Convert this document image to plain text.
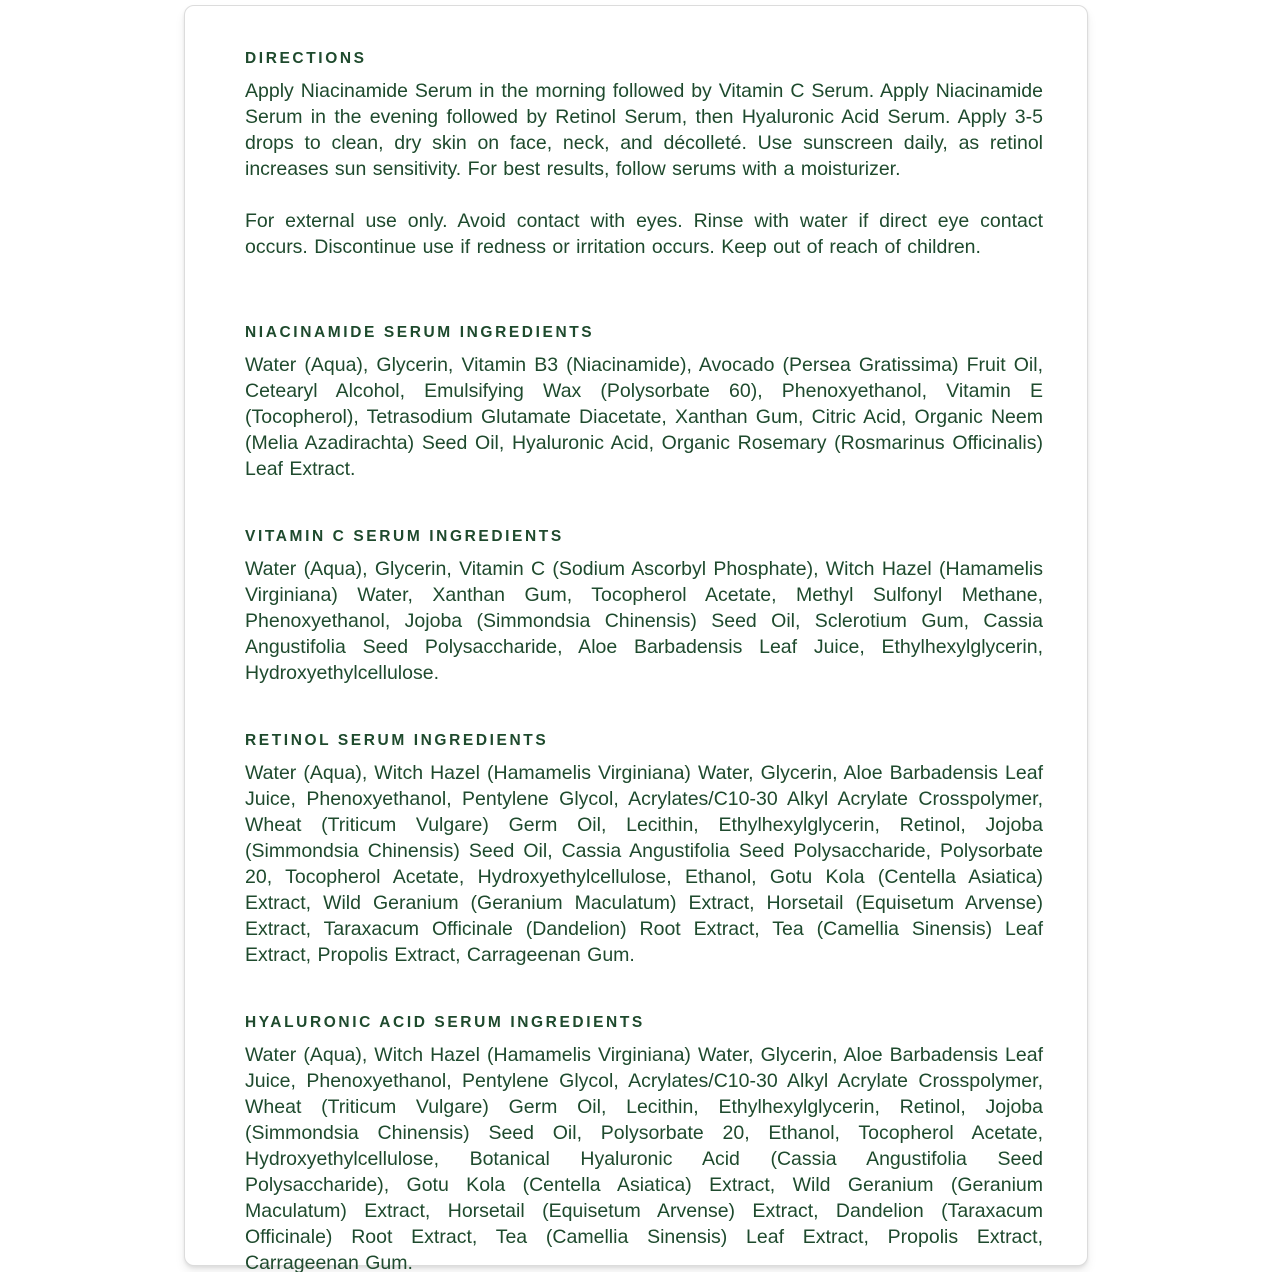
DIRECTIONS

Apply Niacinamide Serum in the morning followed by Vitamin C Serum. Apply Niacinamide Serum in the evening followed by Retinol Serum, then Hyaluronic Acid Serum. Apply 3-5 drops to clean, dry skin on face, neck, and décolleté. Use sunscreen daily, as retinol increases sun sensitivity. For best results, follow serums with a moisturizer.

For external use only. Avoid contact with eyes. Rinse with water if direct eye contact occurs. Discontinue use if redness or irritation occurs. Keep out of reach of children.

NIACINAMIDE SERUM INGREDIENTS

Water (Aqua), Glycerin, Vitamin B3 (Niacinamide), Avocado (Persea Gratissima) Fruit Oil, Cetearyl Alcohol, Emulsifying Wax (Polysorbate 60), Phenoxyethanol, Vitamin E (Tocopherol), Tetrasodium Glutamate Diacetate, Xanthan Gum, Citric Acid, Organic Neem (Melia Azadirachta) Seed Oil, Hyaluronic Acid, Organic Rosemary (Rosmarinus Officinalis) Leaf Extract.

VITAMIN C SERUM INGREDIENTS

Water (Aqua), Glycerin, Vitamin C (Sodium Ascorbyl Phosphate), Witch Hazel (Hamamelis Virginiana) Water, Xanthan Gum, Tocopherol Acetate, Methyl Sulfonyl Methane, Phenoxyethanol, Jojoba (Simmondsia Chinensis) Seed Oil, Sclerotium Gum, Cassia Angustifolia Seed Polysaccharide, Aloe Barbadensis Leaf Juice, Ethylhexylglycerin, Hydroxyethylcellulose.

RETINOL SERUM INGREDIENTS

Water (Aqua), Witch Hazel (Hamamelis Virginiana) Water, Glycerin, Aloe Barbadensis Leaf Juice, Phenoxyethanol, Pentylene Glycol, Acrylates/C10-30 Alkyl Acrylate Crosspolymer, Wheat (Triticum Vulgare) Germ Oil, Lecithin, Ethylhexylglycerin, Retinol, Jojoba (Simmondsia Chinensis) Seed Oil, Cassia Angustifolia Seed Polysaccharide, Polysorbate 20, Tocopherol Acetate, Hydroxyethylcellulose, Ethanol, Gotu Kola (Centella Asiatica) Extract, Wild Geranium (Geranium Maculatum) Extract, Horsetail (Equisetum Arvense) Extract, Taraxacum Officinale (Dandelion) Root Extract, Tea (Camellia Sinensis) Leaf Extract, Propolis Extract, Carrageenan Gum.

HYALURONIC ACID SERUM INGREDIENTS

Water (Aqua), Witch Hazel (Hamamelis Virginiana) Water, Glycerin, Aloe Barbadensis Leaf Juice, Phenoxyethanol, Pentylene Glycol, Acrylates/C10-30 Alkyl Acrylate Crosspolymer, Wheat (Triticum Vulgare) Germ Oil, Lecithin, Ethylhexylglycerin, Retinol, Jojoba (Simmondsia Chinensis) Seed Oil, Polysorbate 20, Ethanol, Tocopherol Acetate, Hydroxyethylcellulose, Botanical Hyaluronic Acid (Cassia Angustifolia Seed Polysaccharide), Gotu Kola (Centella Asiatica) Extract, Wild Geranium (Geranium Maculatum) Extract, Horsetail (Equisetum Arvense) Extract, Dandelion (Taraxacum Officinale) Root Extract, Tea (Camellia Sinensis) Leaf Extract, Propolis Extract, Carrageenan Gum.
